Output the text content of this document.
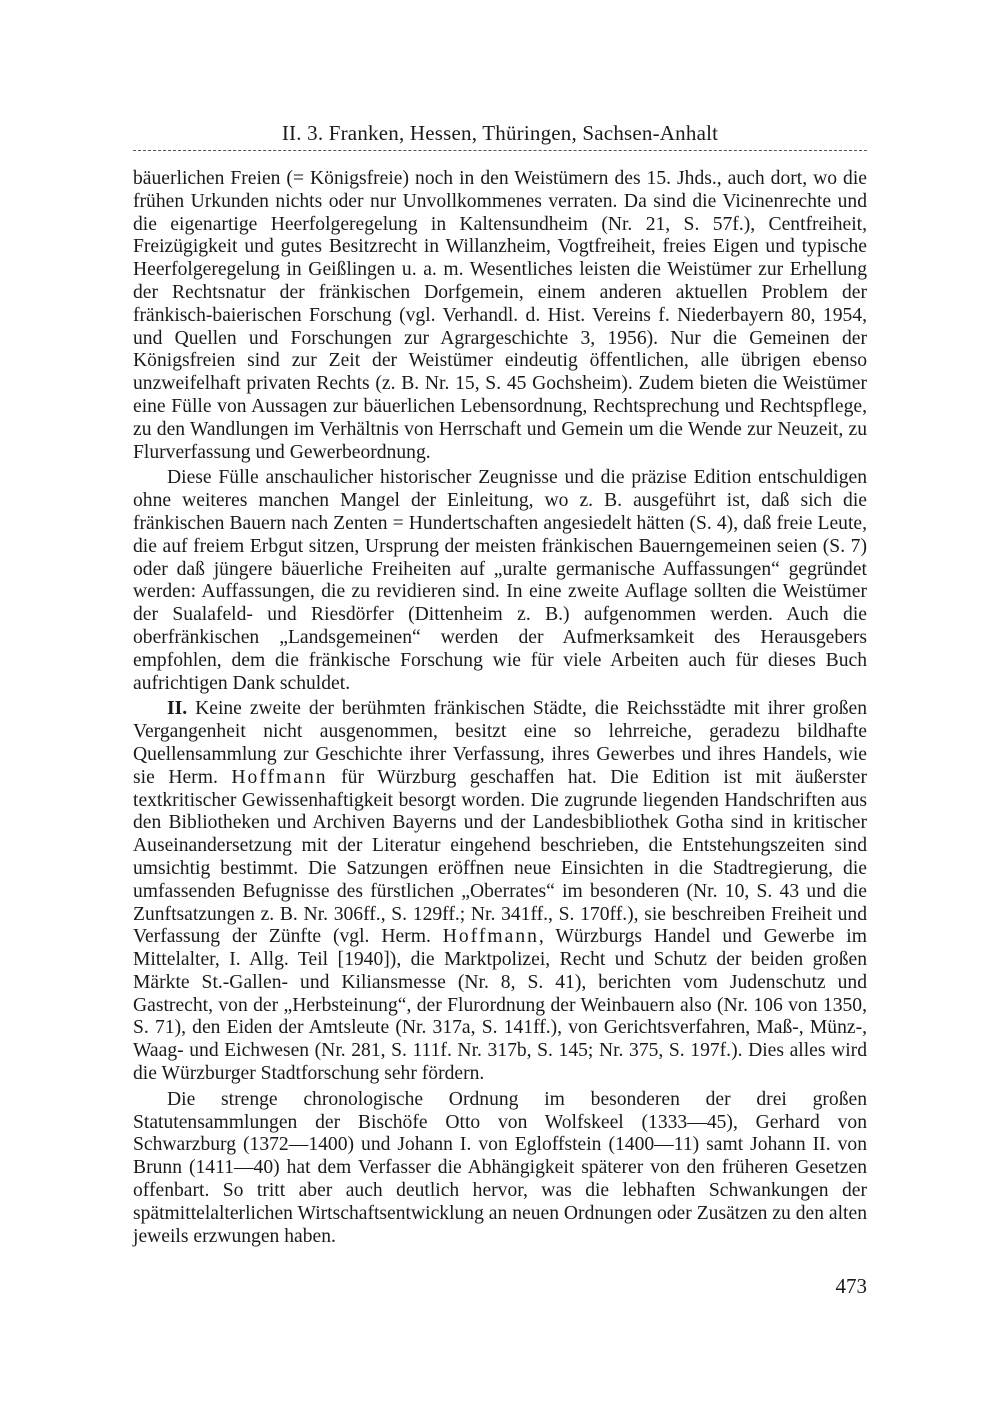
II. 3. Franken, Hessen, Thüringen, Sachsen-Anhalt

bäuerlichen Freien (= Königsfreie) noch in den Weistümern des 15. Jhds., auch dort, wo die frühen Urkunden nichts oder nur Unvollkommenes verraten. Da sind die Vicinenrechte und die eigenartige Heerfolgeregelung in Kaltensundheim (Nr. 21, S. 57f.), Centfreiheit, Freizügigkeit und gutes Besitzrecht in Willanzheim, Vogtfreiheit, freies Eigen und typische Heerfolgeregelung in Geißlingen u. a. m. Wesentliches leisten die Weistümer zur Erhellung der Rechtsnatur der fränkischen Dorfgemein, einem anderen aktuellen Problem der fränkisch-baierischen Forschung (vgl. Verhandl. d. Hist. Vereins f. Niederbayern 80, 1954, und Quellen und Forschungen zur Agrargeschichte 3, 1956). Nur die Gemeinen der Königsfreien sind zur Zeit der Weistümer eindeutig öffentlichen, alle übrigen ebenso unzweifelhaft privaten Rechts (z. B. Nr. 15, S. 45 Gochsheim). Zudem bieten die Weistümer eine Fülle von Aussagen zur bäuerlichen Lebensordnung, Rechtsprechung und Rechtspflege, zu den Wandlungen im Verhältnis von Herrschaft und Gemein um die Wende zur Neuzeit, zu Flurverfassung und Gewerbeordnung.

Diese Fülle anschaulicher historischer Zeugnisse und die präzise Edition entschuldigen ohne weiteres manchen Mangel der Einleitung, wo z. B. ausgeführt ist, daß sich die fränkischen Bauern nach Zenten = Hundertschaften angesiedelt hätten (S. 4), daß freie Leute, die auf freiem Erbgut sitzen, Ursprung der meisten fränkischen Bauerngemeinen seien (S. 7) oder daß jüngere bäuerliche Freiheiten auf „uralte germanische Auffassungen“ gegründet werden: Auffassungen, die zu revidieren sind. In eine zweite Auflage sollten die Weistümer der Sualafeld- und Riesdörfer (Dittenheim z. B.) aufgenommen werden. Auch die oberfränkischen „Landsgemeinen“ werden der Aufmerksamkeit des Herausgebers empfohlen, dem die fränkische Forschung wie für viele Arbeiten auch für dieses Buch aufrichtigen Dank schuldet.

II. Keine zweite der berühmten fränkischen Städte, die Reichsstädte mit ihrer großen Vergangenheit nicht ausgenommen, besitzt eine so lehrreiche, geradezu bildhafte Quellensammlung zur Geschichte ihrer Verfassung, ihres Gewerbes und ihres Handels, wie sie Herm. Hoffmann für Würzburg geschaffen hat. Die Edition ist mit äußerster textkritischer Gewissenhaftigkeit besorgt worden. Die zugrunde liegenden Handschriften aus den Bibliotheken und Archiven Bayerns und der Landesbibliothek Gotha sind in kritischer Auseinandersetzung mit der Literatur eingehend beschrieben, die Entstehungszeiten sind umsichtig bestimmt. Die Satzungen eröffnen neue Einsichten in die Stadtregierung, die umfassenden Befugnisse des fürstlichen „Oberrates“ im besonderen (Nr. 10, S. 43 und die Zunftsatzungen z. B. Nr. 306ff., S. 129ff.; Nr. 341ff., S. 170ff.), sie beschreiben Freiheit und Verfassung der Zünfte (vgl. Herm. Hoffmann, Würzburgs Handel und Gewerbe im Mittelalter, I. Allg. Teil [1940]), die Marktpolizei, Recht und Schutz der beiden großen Märkte St.-Gallen- und Kiliansmesse (Nr. 8, S. 41), berichten vom Judenschutz und Gastrecht, von der „Herbsteinung“, der Flurordnung der Weinbauern also (Nr. 106 von 1350, S. 71), den Eiden der Amtsleute (Nr. 317a, S. 141ff.), von Gerichtsverfahren, Maß-, Münz-, Waag- und Eichwesen (Nr. 281, S. 111f. Nr. 317b, S. 145; Nr. 375, S. 197f.). Dies alles wird die Würzburger Stadtforschung sehr fördern.

Die strenge chronologische Ordnung im besonderen der drei großen Statutensammlungen der Bischöfe Otto von Wolfskeel (1333—45), Gerhard von Schwarzburg (1372—1400) und Johann I. von Egloffstein (1400—11) samt Johann II. von Brunn (1411—40) hat dem Verfasser die Abhängigkeit späterer von den früheren Gesetzen offenbart. So tritt aber auch deutlich hervor, was die lebhaften Schwankungen der spätmittelalterlichen Wirtschaftsentwicklung an neuen Ordnungen oder Zusätzen zu den alten jeweils erzwungen haben.

473
